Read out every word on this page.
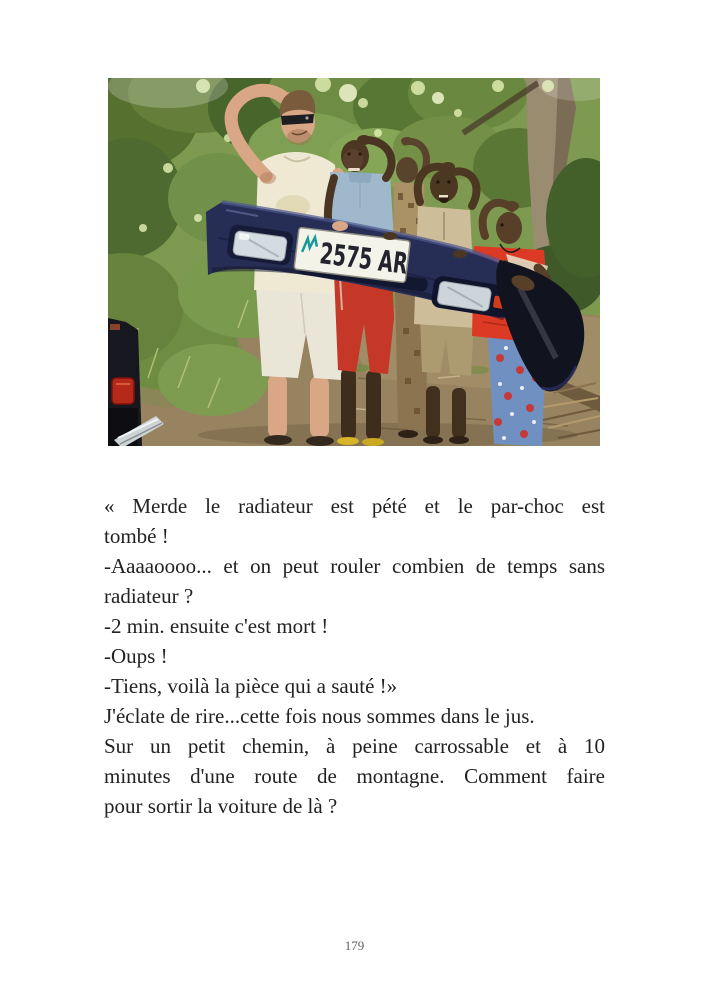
2575 AR
« Merde le radiateur est pété et le par-choc est
tombé !
-Aaaaoooo... et on peut rouler combien de temps sans
radiateur ?
-2 min. ensuite c'est mort !
-Oups !
-Tiens, voilà la pièce qui a sauté !»
J'éclate de rire...cette fois nous sommes dans le jus.
Sur un petit chemin, à peine carrossable et à 10
minutes d'une route de montagne. Comment faire
pour sortir la voiture de là ?
179
